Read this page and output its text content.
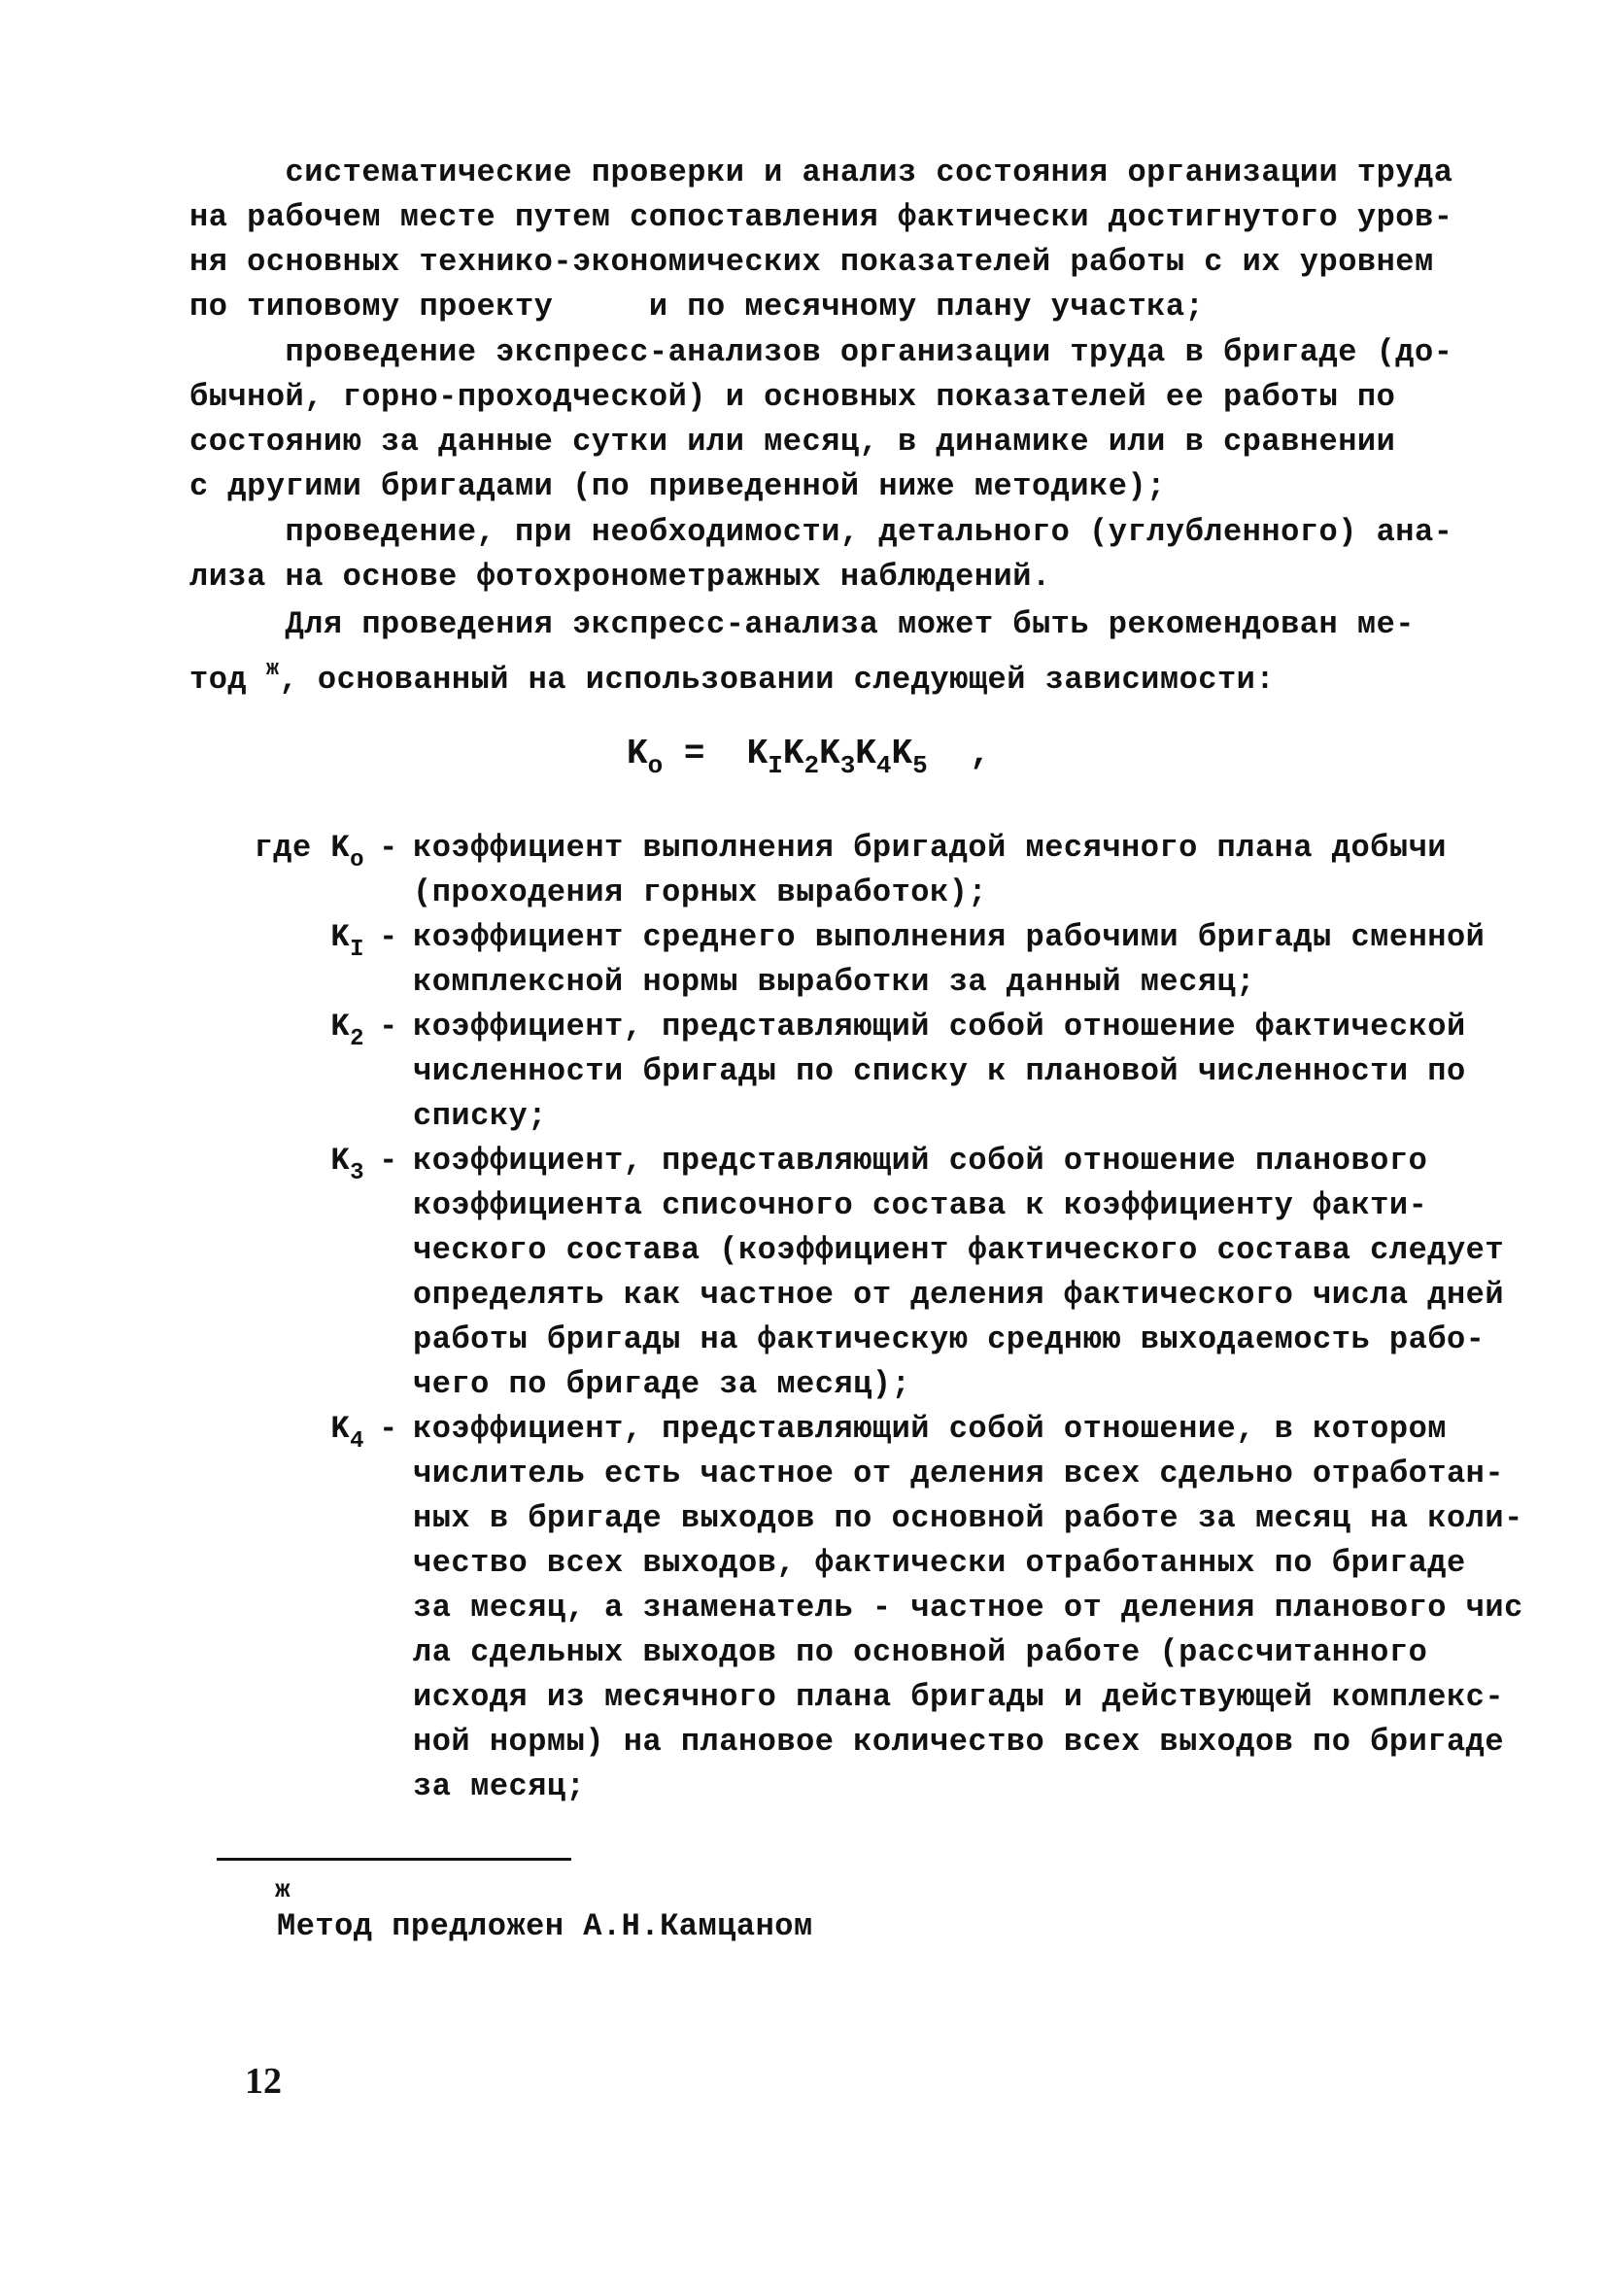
систематические проверки и анализ состояния организации труда
на рабочем месте путем сопоставления фактически достигнутого уров-
ня основных технико-экономических показателей работы с их уровнем
по типовому проекту     и по месячному плану участка;
проведение экспресс-анализов организации труда в бригаде (до-
бычной, горно-проходческой) и основных показателей ее работы по
состоянию за данные сутки или месяц, в динамике или в сравнении
с другими бригадами (по приведенной ниже методике);
проведение, при необходимости, детального (углубленного) ана-
лиза на основе фотохронометражных наблюдений.
Для проведения экспресс-анализа может быть рекомендован ме-
тод $^ж$, основанный на использовании следующей зависимости:
$K_o = K_IK_2K_3K_4K_5$  ,
где $K_o$ - коэффициент выполнения бригадой месячного плана добычи
(проходения горных выработок);
$K_I$ - коэффициент среднего выполнения рабочими бригады сменной
комплексной нормы выработки за данный месяц;
$K_2$ - коэффициент, представляющий собой отношение фактической
численности бригады по списку к плановой численности по
списку;
$K_3$ - коэффициент, представляющий собой отношение планового
коэффициента списочного состава к коэффициенту факти-
ческого состава (коэффициент фактического состава следует
определять как частное от деления фактического числа дней
работы бригады на фактическую среднюю выходаемость рабо-
чего по бригаде за месяц);
$K_4$ - коэффициент, представляющий собой отношение, в котором
числитель есть частное от деления всех сдельно отработан-
ных в бригаде выходов по основной работе за месяц на коли-
чество всех выходов, фактически отработанных по бригаде
за месяц, а знаменатель - частное от деления планового чис
ла сдельных выходов по основной работе (рассчитанного
исходя из месячного плана бригады и действующей комплекс-
ной нормы) на плановое количество всех выходов по бригаде
за месяц;
ж
Метод предложен А.Н.Камцаном
12
